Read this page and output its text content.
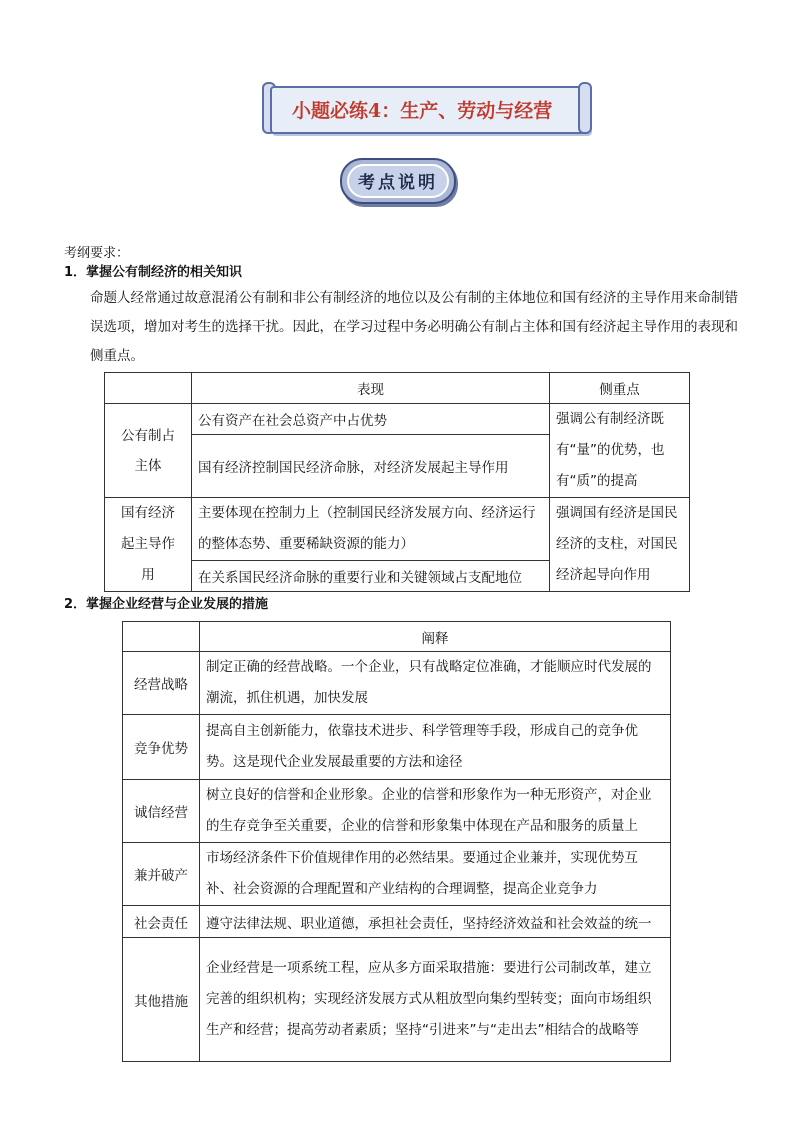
小题必练4：生产、劳动与经营
考点说明
考纲要求：
1．掌握公有制经济的相关知识
命题人经常通过故意混淆公有制和非公有制经济的地位以及公有制的主体地位和国有经济的主导作用来命制错误选项，增加对考生的选择干扰。因此，在学习过程中务必明确公有制占主体和国有经济起主导作用的表现和侧重点。
	表现	侧重点

公有制占主体	公有资产在社会总资产中占优势	强调公有制经济既有“量”的优势，也有“质”的提高
	国有经济控制国民经济命脉，对经济发展起主导作用	

国有经济起主导作用	主要体现在控制力上（控制国民经济发展方向、经济运行的整体态势、重要稀缺资源的能力）	强调国有经济是国民经济的支柱，对国民经济起导向作用
	在关系国民经济命脉的重要行业和关键领域占支配地位	
2．掌握企业经营与企业发展的措施
	阐释
经营战略	制定正确的经营战略。一个企业，只有战略定位准确，才能顺应时代发展的潮流，抓住机遇，加快发展
竞争优势	提高自主创新能力，依靠技术进步、科学管理等手段，形成自己的竞争优势。这是现代企业发展最重要的方法和途径
诚信经营	树立良好的信誉和企业形象。企业的信誉和形象作为一种无形资产，对企业的生存竞争至关重要，企业的信誉和形象集中体现在产品和服务的质量上
兼并破产	市场经济条件下价值规律作用的必然结果。要通过企业兼并，实现优势互补、社会资源的合理配置和产业结构的合理调整，提高企业竞争力
社会责任	遵守法律法规、职业道德，承担社会责任，坚持经济效益和社会效益的统一
其他措施	企业经营是一项系统工程，应从多方面采取措施：要进行公司制改革，建立完善的组织机构；实现经济发展方式从粗放型向集约型转变；面向市场组织生产和经营；提高劳动者素质；坚持“引进来”与“走出去”相结合的战略等
